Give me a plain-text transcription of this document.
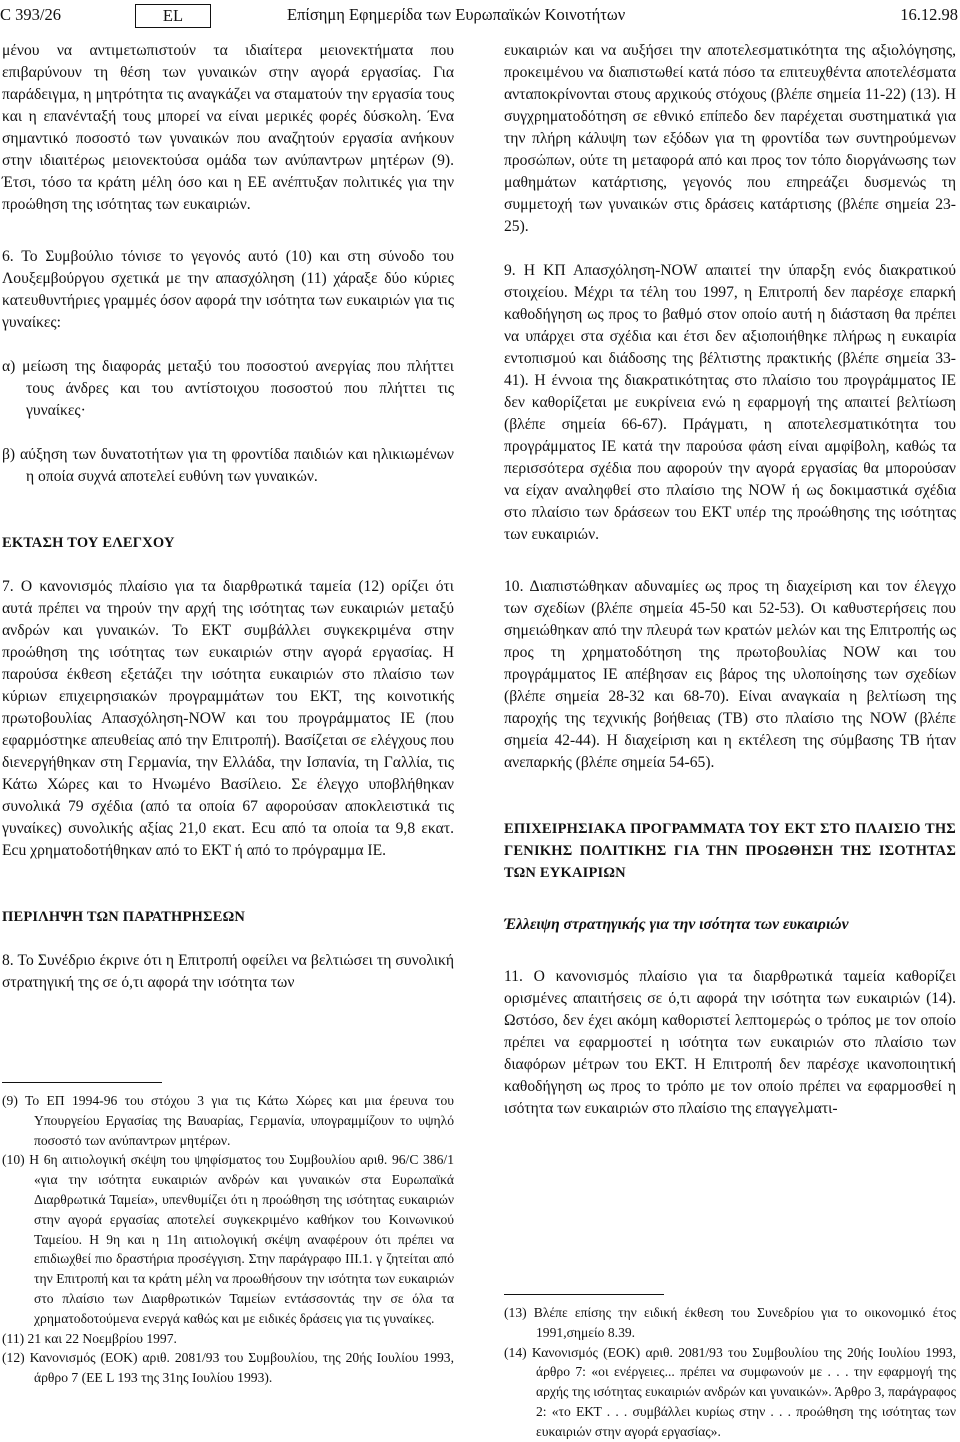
C 393/26	EL	Επίσημη Εφημερίδα των Ευρωπαϊκών Κοινοτήτων	16.12.98

μένου να αντιμετωπιστούν τα ιδιαίτερα μειονεκτήματα που επιβαρύνουν τη θέση των γυναικών στην αγορά εργασίας. Για παράδειγμα, η μητρότητα τις αναγκάζει να σταματούν την εργασία τους και η επανένταξή τους μπορεί να είναι μερικές φορές δύσκολη. Ένα σημαντικό ποσοστό των γυναικών που αναζητούν εργασία ανήκουν στην ιδιαιτέρως μειονεκτούσα ομάδα των ανύπαντρων μητέρων (9). Έτσι, τόσο τα κράτη μέλη όσο και η ΕΕ ανέπτυξαν πολιτικές για την προώθηση της ισότητας των ευκαιριών.

6. Το Συμβούλιο τόνισε το γεγονός αυτό (10) και στη σύνοδο του Λουξεμβούργου σχετικά με την απασχόληση (11) χάραξε δύο κύριες κατευθυντήριες γραμμές όσον αφορά την ισότητα των ευκαιριών για τις γυναίκες:

α) μείωση της διαφοράς μεταξύ του ποσοστού ανεργίας που πλήττει τους άνδρες και του αντίστοιχου ποσοστού που πλήττει τις γυναίκες·

β) αύξηση των δυνατοτήτων για τη φροντίδα παιδιών και ηλικιωμένων η οποία συχνά αποτελεί ευθύνη των γυναικών.

ΕΚΤΑΣΗ ΤΟΥ ΕΛΕΓΧΟΥ

7. Ο κανονισμός πλαίσιο για τα διαρθρωτικά ταμεία (12) ορίζει ότι αυτά πρέπει να τηρούν την αρχή της ισότητας των ευκαιριών μεταξύ ανδρών και γυναικών. Το ΕΚΤ συμβάλλει συγκεκριμένα στην προώθηση της ισότητας των ευκαιριών στην αγορά εργασίας. Η παρούσα έκθεση εξετάζει την ισότητα ευκαιριών στο πλαίσιο των κύριων επιχειρησιακών προγραμμάτων του ΕΚΤ, της κοινοτικής πρωτοβουλίας Απασχόληση-NOW και του προγράμματος IE (που εφαρμόστηκε απευθείας από την Επιτροπή). Βασίζεται σε ελέγχους που διενεργήθηκαν στη Γερμανία, την Ελλάδα, την Ισπανία, τη Γαλλία, τις Κάτω Χώρες και το Ηνωμένο Βασίλειο. Σε έλεγχο υποβλήθηκαν συνολικά 79 σχέδια (από τα οποία 67 αφορούσαν αποκλειστικά τις γυναίκες) συνολικής αξίας 21,0 εκατ. Ecu από τα οποία τα 9,8 εκατ. Ecu χρηματοδοτήθηκαν από το ΕΚΤ ή από το πρόγραμμα IE.

ΠΕΡΙΛΗΨΗ ΤΩΝ ΠΑΡΑΤΗΡΗΣΕΩΝ

8. Το Συνέδριο έκρινε ότι η Επιτροπή οφείλει να βελτιώσει τη συνολική στρατηγική της σε ό,τι αφορά την ισότητα των

(9) Το ΕΠ 1994-96 του στόχου 3 για τις Κάτω Χώρες και μια έρευνα του Υπουργείου Εργασίας της Βαυαρίας, Γερμανία, υπογραμμίζουν το υψηλό ποσοστό των ανύπαντρων μητέρων.

(10) Η 6η αιτιολογική σκέψη του ψηφίσματος του Συμβουλίου αριθ. 96/C 386/1 «για την ισότητα ευκαιριών ανδρών και γυναικών στα Ευρωπαϊκά Διαρθρωτικά Ταμεία», υπενθυμίζει ότι η προώθηση της ισότητας ευκαιριών στην αγορά εργασίας αποτελεί συγκεκριμένο καθήκον του Κοινωνικού Ταμείου. Η 9η και η 11η αιτιολογική σκέψη αναφέρουν ότι πρέπει να επιδιωχθεί πιο δραστήρια προσέγγιση. Στην παράγραφο III.1. γ ζητείται από την Επιτροπή και τα κράτη μέλη να προωθήσουν την ισότητα των ευκαιριών στο πλαίσιο των Διαρθρωτικών Ταμείων εντάσσοντάς την σε όλα τα χρηματοδοτούμενα ενεργά καθώς και με ειδικές δράσεις για τις γυναίκες.

(11) 21 και 22 Νοεμβρίου 1997.

(12) Κανονισμός (ΕΟΚ) αριθ. 2081/93 του Συμβουλίου, της 20ής Ιουλίου 1993, άρθρο 7 (ΕΕ L 193 της 31ης Ιουλίου 1993).

ευκαιριών και να αυξήσει την αποτελεσματικότητα της αξιολόγησης, προκειμένου να διαπιστωθεί κατά πόσο τα επιτευχθέντα αποτελέσματα ανταποκρίνονται στους αρχικούς στόχους (βλέπε σημεία 11-22) (13). Η συγχρηματοδότηση σε εθνικό επίπεδο δεν παρέχεται συστηματικά για την πλήρη κάλυψη των εξόδων για τη φροντίδα των συντηρούμενων προσώπων, ούτε τη μεταφορά από και προς τον τόπο διοργάνωσης των μαθημάτων κατάρτισης, γεγονός που επηρεάζει δυσμενώς τη συμμετοχή των γυναικών στις δράσεις κατάρτισης (βλέπε σημεία 23-25).

9. Η ΚΠ Απασχόληση-NOW απαιτεί την ύπαρξη ενός διακρατικού στοιχείου. Μέχρι τα τέλη του 1997, η Επιτροπή δεν παρέσχε επαρκή καθοδήγηση ως προς το βαθμό στον οποίο αυτή η διάσταση θα πρέπει να υπάρχει στα σχέδια και έτσι δεν αξιοποιήθηκε πλήρως η ευκαιρία εντοπισμού και διάδοσης της βέλτιστης πρακτικής (βλέπε σημεία 33-41). Η έννοια της διακρατικότητας στο πλαίσιο του προγράμματος IE δεν καθορίζεται με ευκρίνεια ενώ η εφαρμογή της απαιτεί βελτίωση (βλέπε σημεία 66-67). Πράγματι, η αποτελεσματικότητα του προγράμματος IE κατά την παρούσα φάση είναι αμφίβολη, καθώς τα περισσότερα σχέδια που αφορούν την αγορά εργασίας θα μπορούσαν να είχαν αναληφθεί στο πλαίσιο της NOW ή ως δοκιμαστικά σχέδια στο πλαίσιο των δράσεων του ΕΚΤ υπέρ της προώθησης της ισότητας των ευκαιριών.

10. Διαπιστώθηκαν αδυναμίες ως προς τη διαχείριση και τον έλεγχο των σχεδίων (βλέπε σημεία 45-50 και 52-53). Οι καθυστερήσεις που σημειώθηκαν από την πλευρά των κρατών μελών και της Επιτροπής ως προς τη χρηματοδότηση της πρωτοβουλίας NOW και του προγράμματος IE απέβησαν εις βάρος της υλοποίησης των σχεδίων (βλέπε σημεία 28-32 και 68-70). Είναι αναγκαία η βελτίωση της παροχής της τεχνικής βοήθειας (ΤΒ) στο πλαίσιο της NOW (βλέπε σημεία 42-44). Η διαχείριση και η εκτέλεση της σύμβασης ΤΒ ήταν ανεπαρκής (βλέπε σημεία 54-65).

ΕΠΙΧΕΙΡΗΣΙΑΚΑ ΠΡΟΓΡΑΜΜΑΤΑ ΤΟΥ ΕΚΤ ΣΤΟ ΠΛΑΙΣΙΟ ΤΗΣ ΓΕΝΙΚΗΣ ΠΟΛΙΤΙΚΗΣ ΓΙΑ ΤΗΝ ΠΡΟΩΘΗΣΗ ΤΗΣ ΙΣΟΤΗΤΑΣ ΤΩΝ ΕΥΚΑΙΡΙΩΝ

Έλλειψη στρατηγικής για την ισότητα των ευκαιριών

11. Ο κανονισμός πλαίσιο για τα διαρθρωτικά ταμεία καθορίζει ορισμένες απαιτήσεις σε ό,τι αφορά την ισότητα των ευκαιριών (14). Ωστόσο, δεν έχει ακόμη καθοριστεί λεπτομερώς ο τρόπος με τον οποίο πρέπει να εφαρμοστεί η ισότητα των ευκαιριών στο πλαίσιο των διαφόρων μέτρων του ΕΚΤ. Η Επιτροπή δεν παρέσχε ικανοποιητική καθοδήγηση ως προς το τρόπο με τον οποίο πρέπει να εφαρμοσθεί η ισότητα των ευκαιριών στο πλαίσιο της επαγγελματι-

(13) Βλέπε επίσης την ειδική έκθεση του Συνεδρίου για το οικονομικό έτος 1991,σημείο 8.39.

(14) Κανονισμός (ΕΟΚ) αριθ. 2081/93 του Συμβουλίου της 20ής Ιουλίου 1993, άρθρο 7: «οι ενέργειες... πρέπει να συμφωνούν με . . . την εφαρμογή της αρχής της ισότητας ευκαιριών ανδρών και γυναικών». Άρθρο 3, παράγραφος 2: «το ΕΚΤ . . . συμβάλλει κυρίως στην . . . προώθηση της ισότητας των ευκαιριών στην αγορά εργασίας».
